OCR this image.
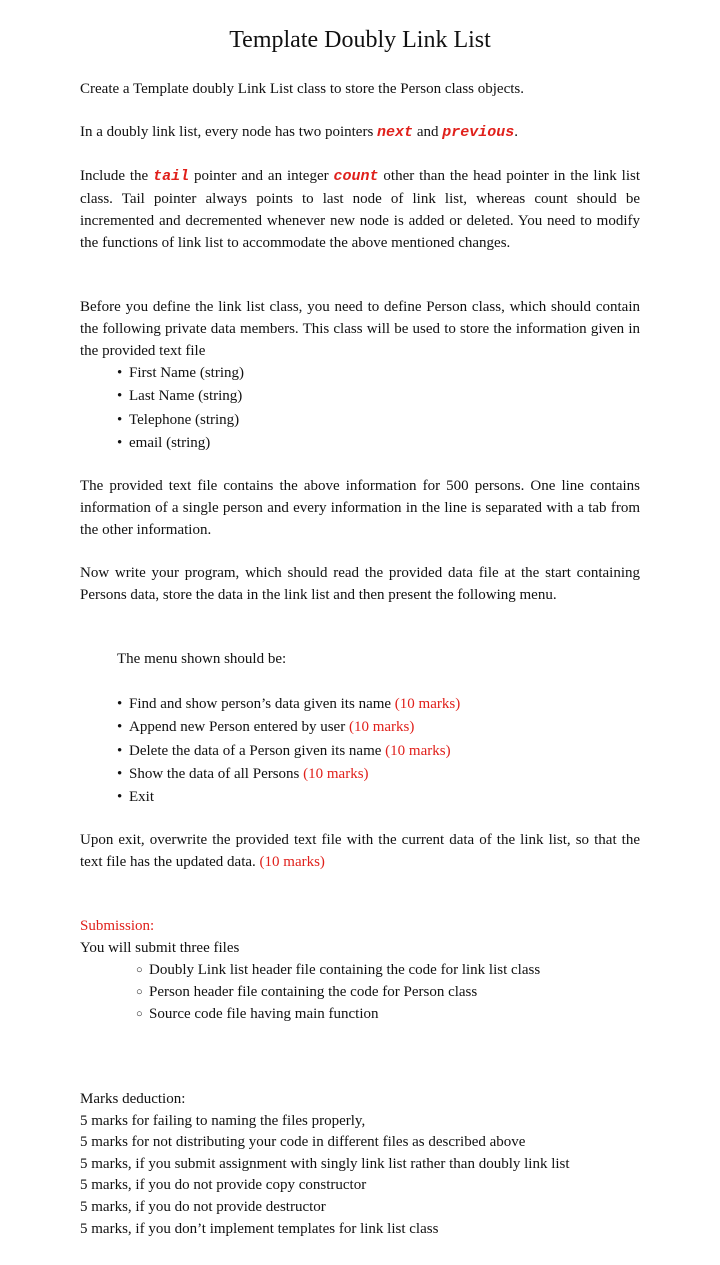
Template Doubly Link List

Create a Template doubly Link List class to store the Person class objects.

In a doubly link list, every node has two pointers next and previous.

Include the tail pointer and an integer count other than the head pointer in the link list class. Tail pointer always points to last node of link list, whereas count should be incremented and decremented whenever new node is added or deleted. You need to modify the functions of link list to accommodate the above mentioned changes.

Before you define the link list class, you need to define Person class, which should contain the following private data members. This class will be used to store the information given in the provided text file

• First Name (string)
• Last Name (string)
• Telephone (string)
• email (string)

The provided text file contains the above information for 500 persons. One line contains information of a single person and every information in the line is separated with a tab from the other information.

Now write your program, which should read the provided data file at the start containing Persons data, store the data in the link list and then present the following menu.

The menu shown should be:

• Find and show person’s data given its name (10 marks)
• Append new Person entered by user (10 marks)
• Delete the data of a Person given its name (10 marks)
• Show the data of all Persons (10 marks)
• Exit

Upon exit, overwrite the provided text file with the current data of the link list, so that the text file has the updated data. (10 marks)

Submission:

You will submit three files

○ Doubly Link list header file containing the code for link list class
○ Person header file containing the code for Person class
○ Source code file having main function

Marks deduction:

5 marks for failing to naming the files properly,

5 marks for not distributing your code in different files as described above

5 marks, if you submit assignment with singly link list rather than doubly link list

5 marks, if you do not provide copy constructor

5 marks, if you do not provide destructor

5 marks, if you don’t implement templates for link list class
